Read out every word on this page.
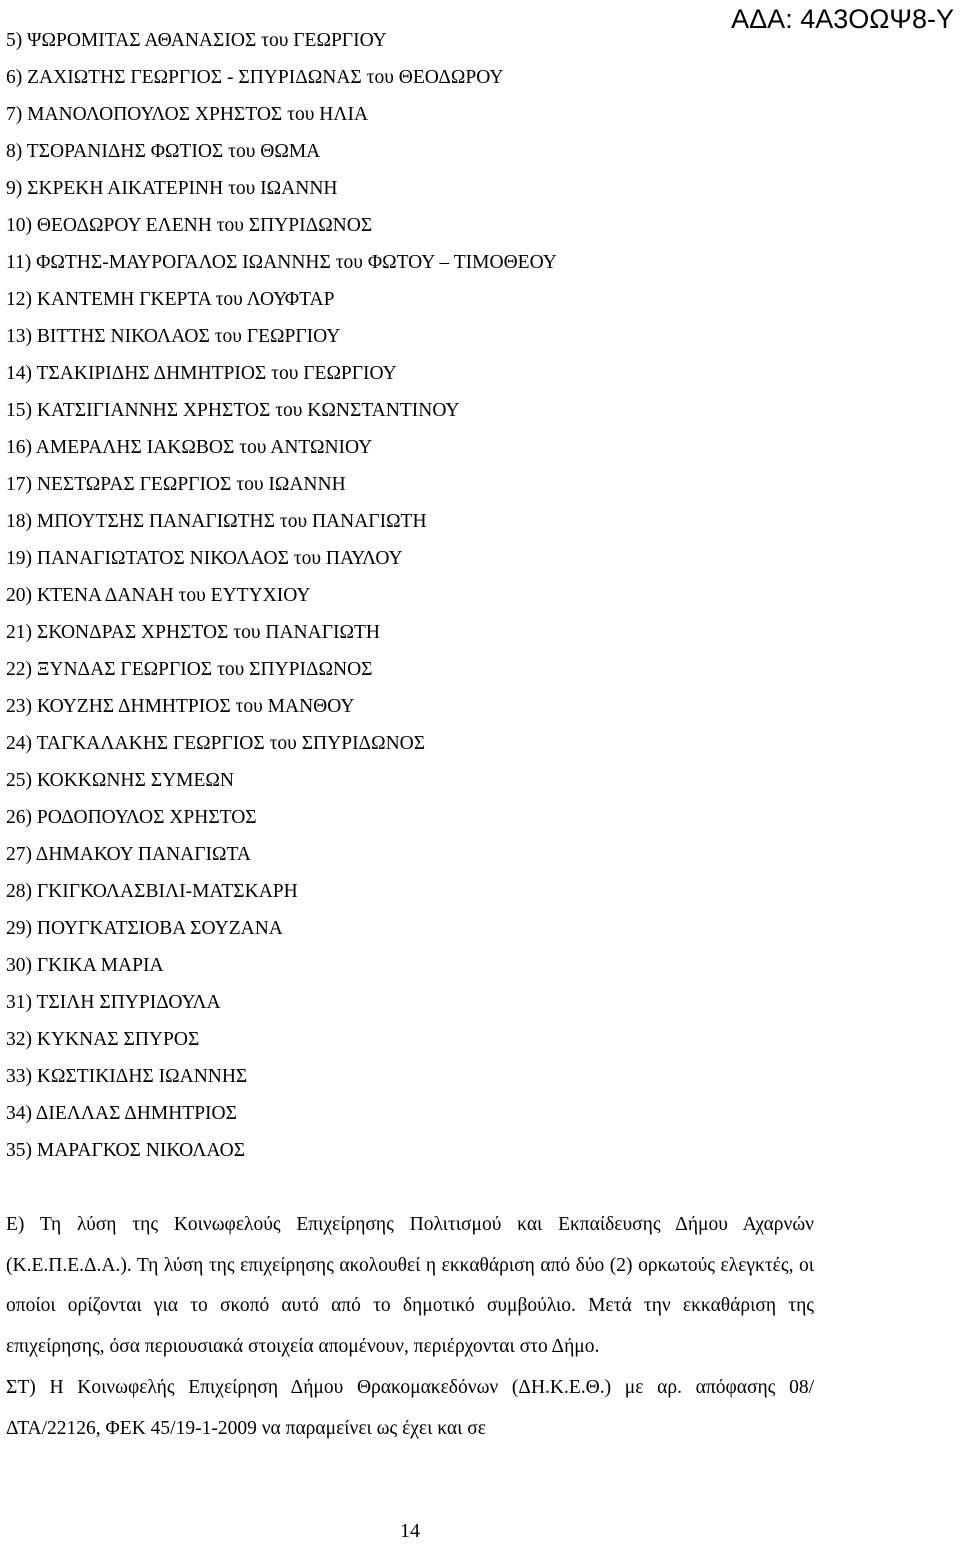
ΑΔΑ: 4Α3ΟΩΨ8-Υ
5) ΨΩΡΟΜΙΤΑΣ ΑΘΑΝΑΣΙΟΣ του ΓΕΩΡΓΙΟΥ
6) ΖΑΧΙΩΤΗΣ ΓΕΩΡΓΙΟΣ - ΣΠΥΡΙΔΩΝΑΣ του ΘΕΟΔΩΡΟΥ
7) ΜΑΝΟΛΟΠΟΥΛΟΣ ΧΡΗΣΤΟΣ του ΗΛΙΑ
8) ΤΣΟΡΑΝΙΔΗΣ ΦΩΤΙΟΣ του ΘΩΜΑ
9) ΣΚΡΕΚΗ ΑΙΚΑΤΕΡΙΝΗ του ΙΩΑΝΝΗ
10) ΘΕΟΔΩΡΟΥ ΕΛΕΝΗ του ΣΠΥΡΙΔΩΝΟΣ
11) ΦΩΤΗΣ-ΜΑΥΡΟΓΑΛΟΣ ΙΩΑΝΝΗΣ του ΦΩΤΟΥ – ΤΙΜΟΘΕΟΥ
12) ΚΑΝΤΕΜΗ ΓΚΕΡΤΑ του ΛΟΥΦΤΑΡ
13) ΒΙΤΤΗΣ ΝΙΚΟΛΑΟΣ του ΓΕΩΡΓΙΟΥ
14) ΤΣΑΚΙΡΙΔΗΣ ΔΗΜΗΤΡΙΟΣ του ΓΕΩΡΓΙΟΥ
15) ΚΑΤΣΙΓΙΑΝΝΗΣ ΧΡΗΣΤΟΣ του ΚΩΝΣΤΑΝΤΙΝΟΥ
16) ΑΜΕΡΑΛΗΣ ΙΑΚΩΒΟΣ του ΑΝΤΩΝΙΟΥ
17) ΝΕΣΤΩΡΑΣ ΓΕΩΡΓΙΟΣ του ΙΩΑΝΝΗ
18) ΜΠΟΥΤΣΗΣ ΠΑΝΑΓΙΩΤΗΣ του ΠΑΝΑΓΙΩΤΗ
19) ΠΑΝΑΓΙΩΤΑΤΟΣ ΝΙΚΟΛΑΟΣ του ΠΑΥΛΟΥ
20) ΚΤΕΝΑ ΔΑΝΑΗ του ΕΥΤΥΧΙΟΥ
21) ΣΚΟΝΔΡΑΣ ΧΡΗΣΤΟΣ του ΠΑΝΑΓΙΩΤΗ
22) ΞΥΝΔΑΣ ΓΕΩΡΓΙΟΣ του ΣΠΥΡΙΔΩΝΟΣ
23) ΚΟΥΖΗΣ ΔΗΜΗΤΡΙΟΣ του ΜΑΝΘΟΥ
24) ΤΑΓΚΑΛΑΚΗΣ ΓΕΩΡΓΙΟΣ του ΣΠΥΡΙΔΩΝΟΣ
25) ΚΟΚΚΩΝΗΣ ΣΥΜΕΩΝ
26) ΡΟΔΟΠΟΥΛΟΣ ΧΡΗΣΤΟΣ
27) ΔΗΜΑΚΟΥ ΠΑΝΑΓΙΩΤΑ
28) ΓΚΙΓΚΟΛΑΣΒΙΛΙ-ΜΑΤΣΚΑΡΗ
29) ΠΟΥΓΚΑΤΣΙΟΒΑ ΣΟΥΖΑΝΑ
30) ΓΚΙΚΑ ΜΑΡΙΑ
31) ΤΣΙΛΗ ΣΠΥΡΙΔΟΥΛΑ
32) ΚΥΚΝΑΣ ΣΠΥΡΟΣ
33) ΚΩΣΤΙΚΙΔΗΣ ΙΩΑΝΝΗΣ
34) ΔΙΕΛΛΑΣ ΔΗΜΗΤΡΙΟΣ
35) ΜΑΡΑΓΚΟΣ ΝΙΚΟΛΑΟΣ

Ε) Τη λύση της Κοινωφελούς Επιχείρησης Πολιτισμού και Εκπαίδευσης Δήμου Αχαρνών (Κ.Ε.Π.Ε.Δ.Α.). Τη λύση της επιχείρησης ακολουθεί η εκκαθάριση από δύο (2) ορκωτούς ελεγκτές, οι οποίοι ορίζονται για το σκοπό αυτό από το δημοτικό συμβούλιο. Μετά την εκκαθάριση της επιχείρησης, όσα περιουσιακά στοιχεία απομένουν, περιέρχονται στο Δήμο.

ΣΤ) Η Κοινωφελής Επιχείρηση Δήμου Θρακομακεδόνων (ΔΗ.Κ.Ε.Θ.) με αρ. απόφασης 08/ΔΤΑ/22126, ΦΕΚ 45/19-1-2009 να παραμείνει ως έχει και σε

14
